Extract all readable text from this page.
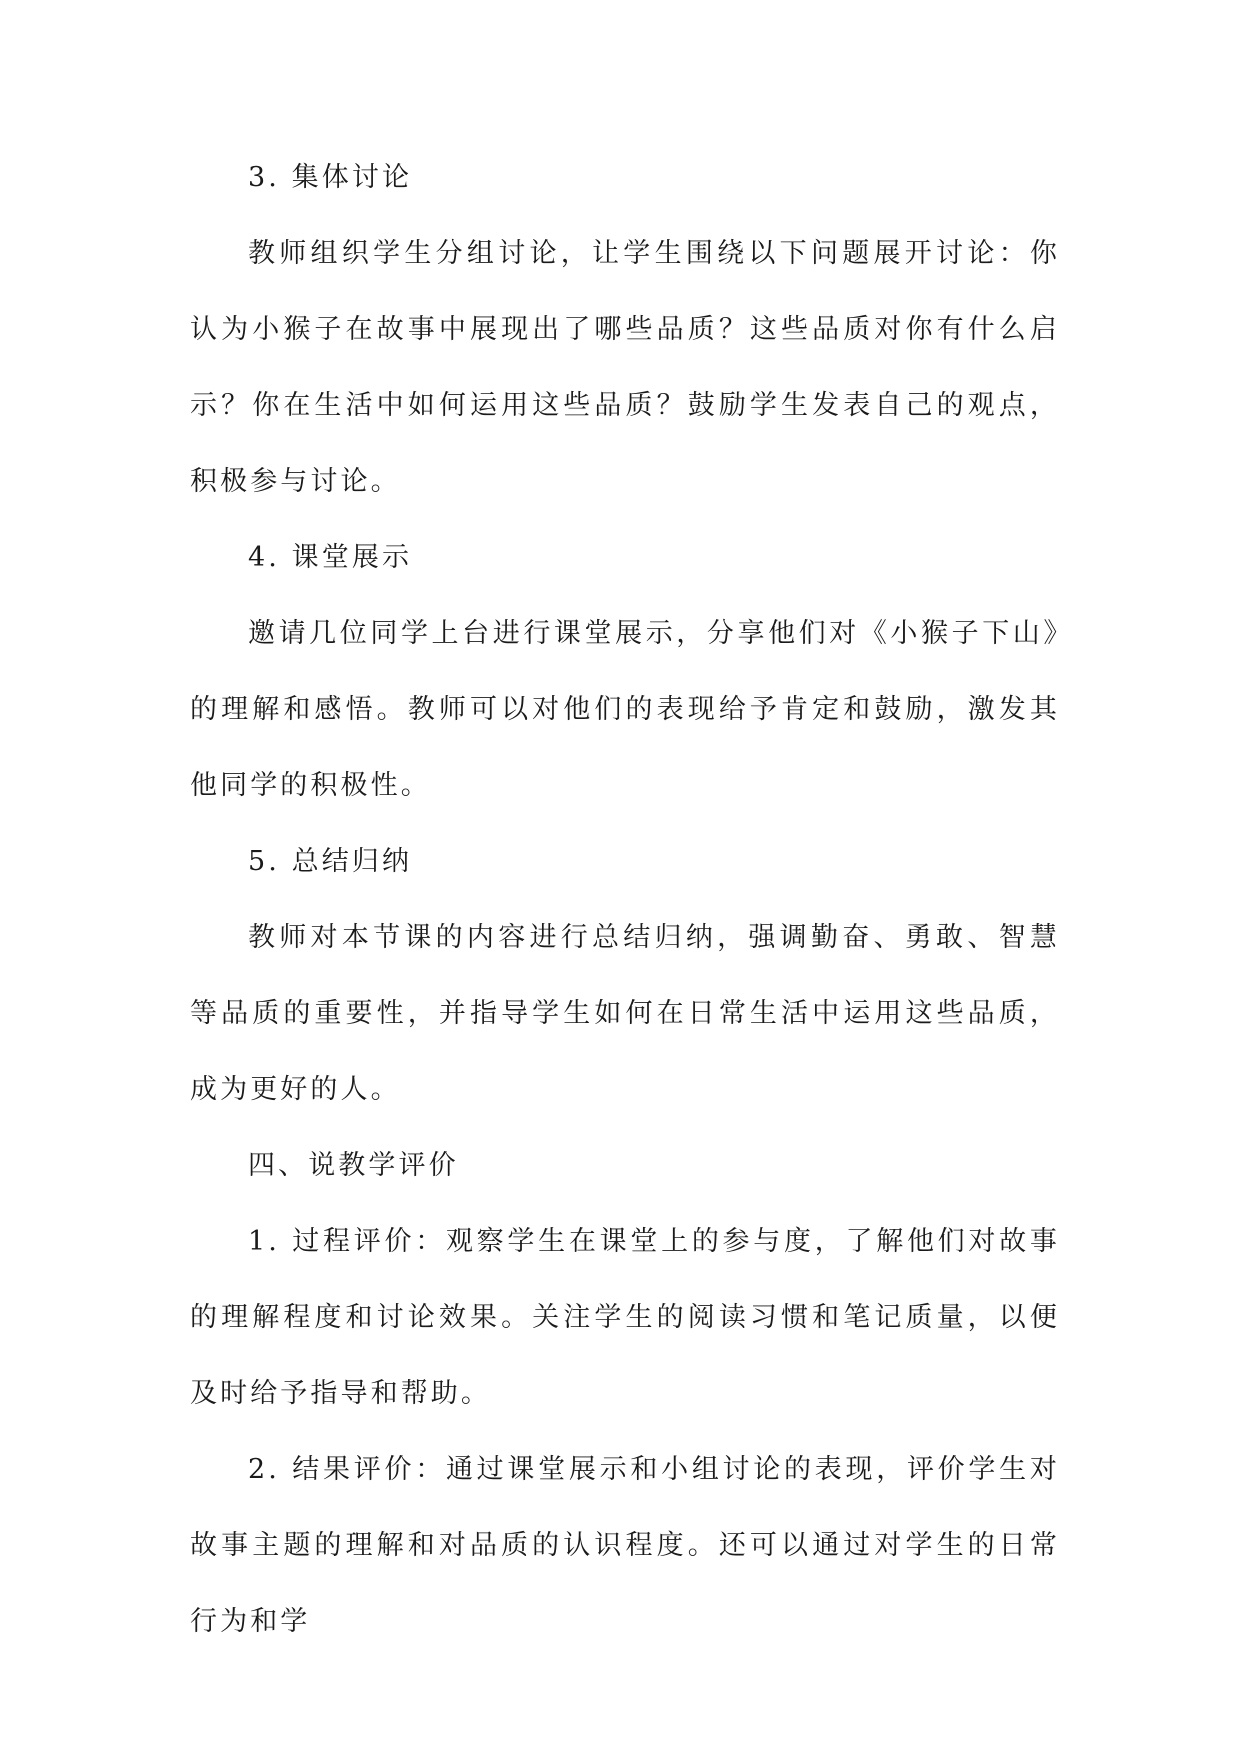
3. 集体讨论

教师组织学生分组讨论，让学生围绕以下问题展开讨论：你认为小猴子在故事中展现出了哪些品质？这些品质对你有什么启示？你在生活中如何运用这些品质？鼓励学生发表自己的观点，积极参与讨论。

4. 课堂展示

邀请几位同学上台进行课堂展示，分享他们对《小猴子下山》的理解和感悟。教师可以对他们的表现给予肯定和鼓励，激发其他同学的积极性。

5. 总结归纳

教师对本节课的内容进行总结归纳，强调勤奋、勇敢、智慧等品质的重要性，并指导学生如何在日常生活中运用这些品质，成为更好的人。

四、说教学评价

1. 过程评价：观察学生在课堂上的参与度，了解他们对故事的理解程度和讨论效果。关注学生的阅读习惯和笔记质量，以便及时给予指导和帮助。

2. 结果评价：通过课堂展示和小组讨论的表现，评价学生对故事主题的理解和对品质的认识程度。还可以通过对学生的日常行为和学
